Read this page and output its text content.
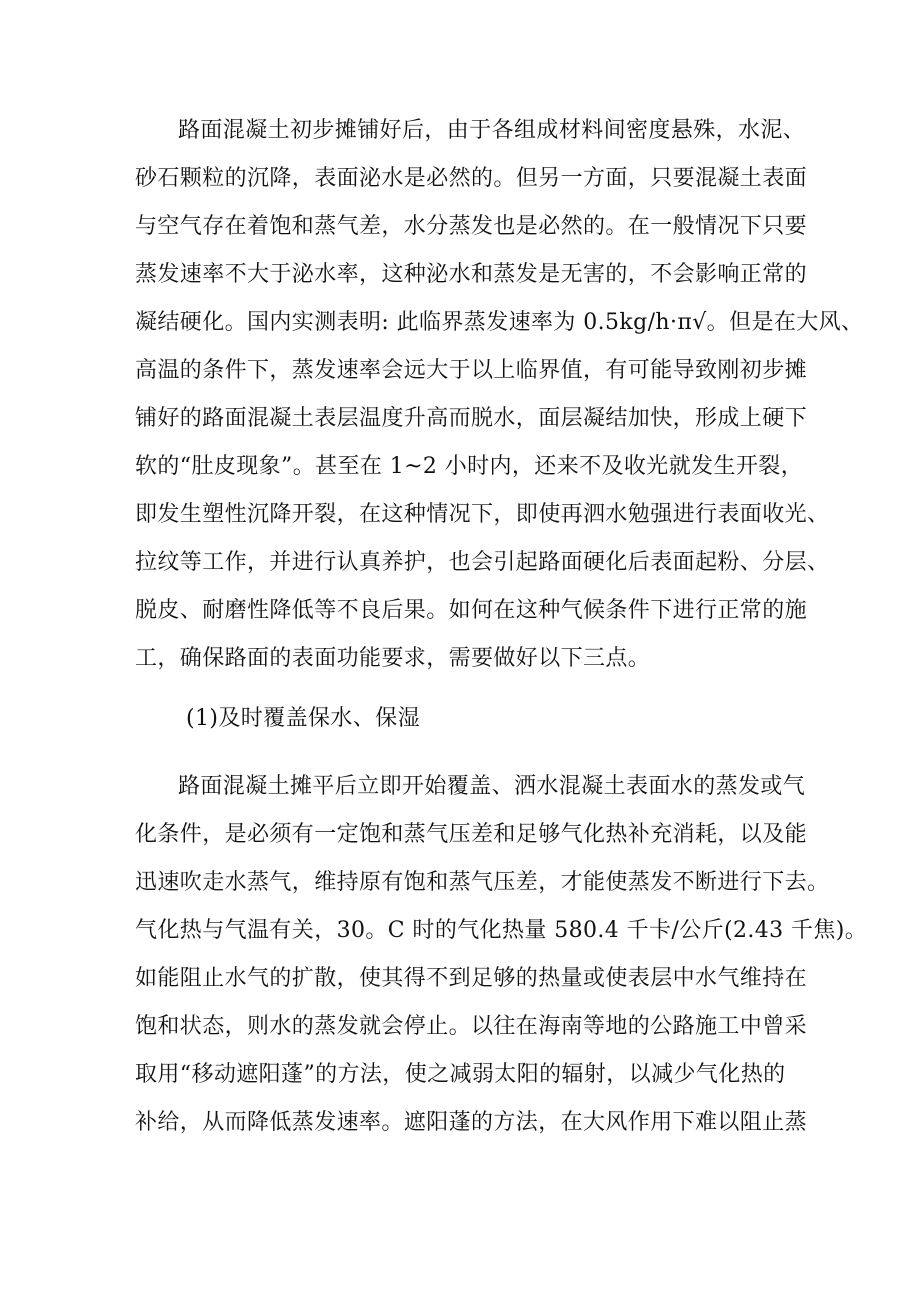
路面混凝土初步摊铺好后，由于各组成材料间密度悬殊，水泥、
砂石颗粒的沉降，表面泌水是必然的。但另一方面，只要混凝土表面
与空气存在着饱和蒸气差，水分蒸发也是必然的。在一般情况下只要
蒸发速率不大于泌水率，这种泌水和蒸发是无害的，不会影响正常的
凝结硬化。国内实测表明: 此临界蒸发速率为 0.5kg/h·π√。但是在大风、
高温的条件下，蒸发速率会远大于以上临界值，有可能导致刚初步摊
铺好的路面混凝土表层温度升高而脱水，面层凝结加快，形成上硬下
软的“肚皮现象”。甚至在 1~2 小时内，还来不及收光就发生开裂，
即发生塑性沉降开裂，在这种情况下，即使再泗水勉强进行表面收光、
拉纹等工作，并进行认真养护，也会引起路面硬化后表面起粉、分层、
脱皮、耐磨性降低等不良后果。如何在这种气候条件下进行正常的施
工，确保路面的表面功能要求，需要做好以下三点。
(1)及时覆盖保水、保湿
路面混凝土摊平后立即开始覆盖、洒水混凝土表面水的蒸发或气
化条件，是必须有一定饱和蒸气压差和足够气化热补充消耗，以及能
迅速吹走水蒸气，维持原有饱和蒸气压差，才能使蒸发不断进行下去。
气化热与气温有关，30。C 时的气化热量 580.4 千卡/公斤(2.43 千焦)。
如能阻止水气的扩散，使其得不到足够的热量或使表层中水气维持在
饱和状态，则水的蒸发就会停止。以往在海南等地的公路施工中曾采
取用“移动遮阳蓬”的方法，使之减弱太阳的辐射，以减少气化热的
补给，从而降低蒸发速率。遮阳蓬的方法，在大风作用下难以阻止蒸
